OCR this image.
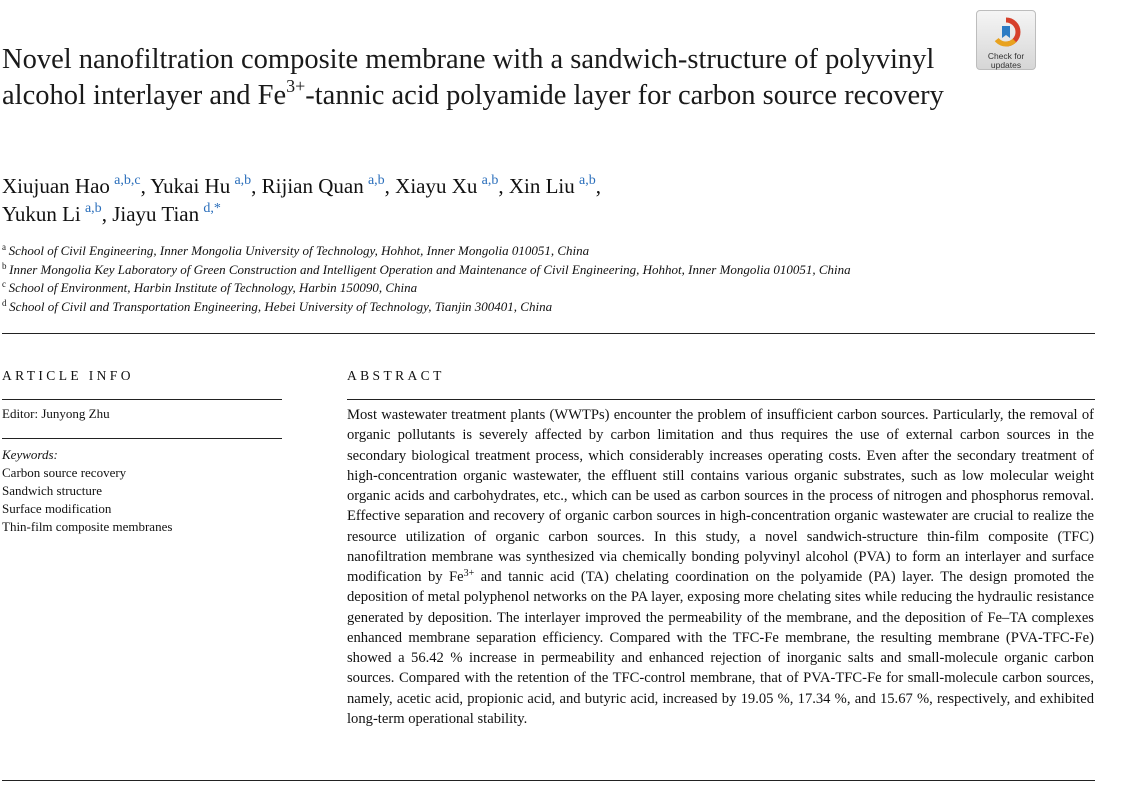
Novel nanofiltration composite membrane with a sandwich-structure of polyvinyl alcohol interlayer and $Fe^{3+}$-tannic acid polyamide layer for carbon source recovery
Check for
updates
Xiujuan Hao  $^{a,b,c}$, Yukai Hu  $^{a,b}$, Rijian Quan  $^{a,b}$, Xiayu Xu  $^{a,b}$, Xin Liu  $^{a,b}$,
Yukun Li  $^{a,b}$, Jiayu Tian  $^{d,*}$
$^a$  School of Civil Engineering, Inner Mongolia University of Technology, Hohhot, Inner Mongolia 010051, China
$^b$  Inner Mongolia Key Laboratory of Green Construction and Intelligent Operation and Maintenance of Civil Engineering, Hohhot, Inner Mongolia 010051, China
$^c$  School of Environment, Harbin Institute of Technology, Harbin 150090, China
$^d$  School of Civil and Transportation Engineering, Hebei University of Technology, Tianjin 300401, China
ARTICLE INFO	ABSTRACT
Editor: Junyong Zhu
Keywords:
Carbon source recovery
Sandwich structure
Surface modification
Thin-film composite membranes
Most wastewater treatment plants (WWTPs) encounter the problem of insufficient carbon sources. Particularly, the removal of organic pollutants is severely affected by carbon limitation and thus requires the use of external carbon sources in the secondary biological treatment process, which considerably increases operating costs. Even after the secondary treatment of high-concentration organic wastewater, the effluent still contains various organic substrates, such as low molecular weight organic acids and carbohydrates, etc., which can be used as carbon sources in the process of nitrogen and phosphorus removal. Effective separation and recovery of organic carbon sources in high-concentration organic wastewater are crucial to realize the resource utilization of organic carbon sources. In this study, a novel sandwich-structure thin-film composite (TFC) nanofiltration membrane was synthesized via chemically bonding polyvinyl alcohol (PVA) to form an interlayer and surface modification by $Fe^{3+}$ and tannic acid (TA) chelating coordination on the polyamide (PA) layer. The design promoted the deposition of metal polyphenol networks on the PA layer, exposing more chelating sites while reducing the hydraulic resistance generated by deposition. The interlayer improved the permeability of the membrane, and the deposition of Fe–TA complexes enhanced membrane separation efficiency. Compared with the TFC-Fe membrane, the resulting membrane (PVA-TFC-Fe) showed a 56.42 % increase in permeability and enhanced rejection of inorganic salts and small-molecule organic carbon sources. Compared with the retention of the TFC-control membrane, that of PVA-TFC-Fe for small-molecule carbon sources, namely, acetic acid, propionic acid, and butyric acid, increased by 19.05 %, 17.34 %, and 15.67 %, respectively, and exhibited long-term operational stability.
